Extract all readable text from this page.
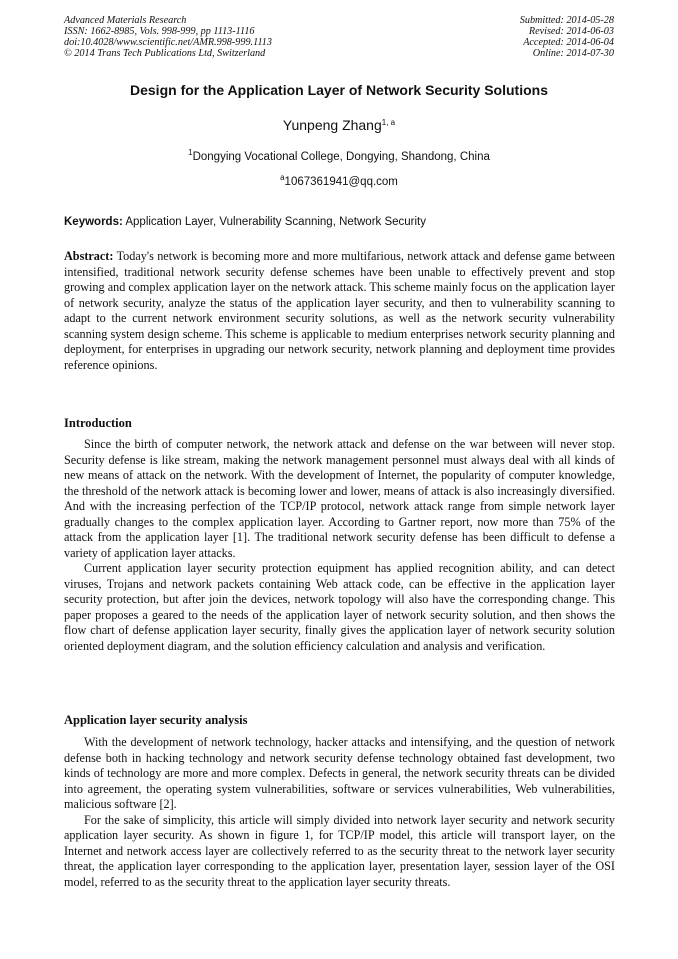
Advanced Materials Research
ISSN: 1662-8985, Vols. 998-999, pp 1113-1116
doi:10.4028/www.scientific.net/AMR.998-999.1113
© 2014 Trans Tech Publications Ltd, Switzerland
Submitted: 2014-05-28
Revised: 2014-06-03
Accepted: 2014-06-04
Online: 2014-07-30
Design for the Application Layer of Network Security Solutions
Yunpeng Zhang$^{1, a}$
$^1$Dongying Vocational College, Dongying, Shandong, China
$^a$1067361941@qq.com
Keywords: Application Layer, Vulnerability Scanning, Network Security

Abstract: Today's network is becoming more and more multifarious, network attack and defense game between intensified, traditional network security defense schemes have been unable to effectively prevent and stop growing and complex application layer on the network attack. This scheme mainly focus on the application layer of network security, analyze the status of the application layer security, and then to vulnerability scanning to adapt to the current network environment security solutions, as well as the network security vulnerability scanning system design scheme. This scheme is applicable to medium enterprises network security planning and deployment, for enterprises in upgrading our network security, network planning and deployment time provides reference opinions.

Introduction

Since the birth of computer network, the network attack and defense on the war between will never stop. Security defense is like stream, making the network management personnel must always deal with all kinds of new means of attack on the network. With the development of Internet, the popularity of computer knowledge, the threshold of the network attack is becoming lower and lower, means of attack is also increasingly diversified. And with the increasing perfection of the TCP/IP protocol, network attack range from simple network layer gradually changes to the complex application layer. According to Gartner report, now more than 75% of the attack from the application layer [1]. The traditional network security defense has been difficult to defense a variety of application layer attacks.

Current application layer security protection equipment has applied recognition ability, and can detect viruses, Trojans and network packets containing Web attack code, can be effective in the application layer security protection, but after join the devices, network topology will also have the corresponding change. This paper proposes a geared to the needs of the application layer of network security solution, and then shows the flow chart of defense application layer security, finally gives the application layer of network security solution oriented deployment diagram, and the solution efficiency calculation and analysis and verification.

Application layer security analysis

With the development of network technology, hacker attacks and intensifying, and the question of network defense both in hacking technology and network security defense technology obtained fast development, two kinds of technology are more and more complex. Defects in general, the network security threats can be divided into agreement, the operating system vulnerabilities, software or services vulnerabilities, Web vulnerabilities, malicious software [2].

For the sake of simplicity, this article will simply divided into network layer security and network security application layer security. As shown in figure 1, for TCP/IP model, this article will transport layer, on the Internet and network access layer are collectively referred to as the security threat to the network layer security threat, the application layer corresponding to the application layer, presentation layer, session layer of the OSI model, referred to as the security threat to the application layer security threats.
